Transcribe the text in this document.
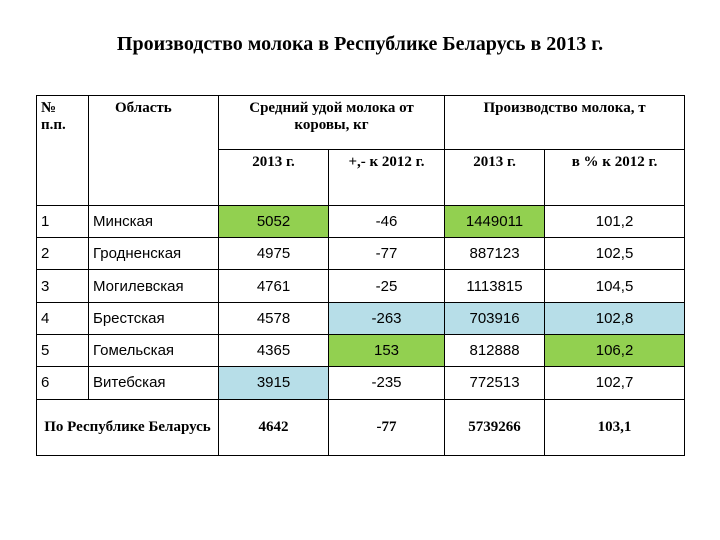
Производство молока в Республике Беларусь в 2013 г.
№ п.п.	Область	Средний удой молока от коровы, кг		Производство молока, т	
		2013 г.	+,- к 2012 г.	2013 г.	в % к 2012 г.
1	Минская	5052	-46	1449011	101,2
2	Гродненская	4975	-77	887123	102,5
3	Могилевская	4761	-25	1113815	104,5
4	Брестская	4578	-263	703916	102,8
5	Гомельская	4365	153	812888	106,2
6	Витебская	3915	-235	772513	102,7
По Республике Беларусь		4642	-77	5739266	103,1
